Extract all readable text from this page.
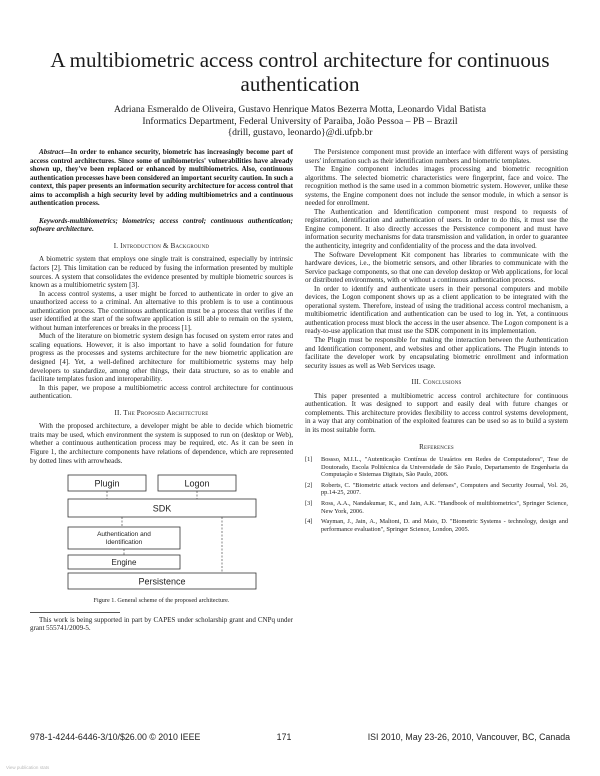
A multibiometric access control architecture for continuous authentication
Adriana Esmeraldo de Oliveira, Gustavo Henrique Matos Bezerra Motta, Leonardo Vidal Batista
Informatics Department, Federal University of Paraiba, João Pessoa – PB – Brazil
{drill, gustavo, leonardo}@di.ufpb.br

Abstract—In order to enhance security, biometric has increasingly become part of access control architectures. Since some of unibiometrics' vulnerabilities have already shown up, they've been replaced or enhanced by multibiometrics. Also, continuous authentication processes have been considered an important security caution. In such a context, this paper presents an information security architecture for access control that aims to accomplish a high security level by adding multibiometrics and a continuous authentication process.

Keywords-multibiometrics; biometrics; access control; continuous authentication; software architecture.

I. Introduction & Background

A biometric system that employs one single trait is constrained, especially by intrinsic factors [2]. This limitation can be reduced by fusing the information presented by multiple sources. A system that consolidates the evidence presented by multiple biometric sources is known as a multibiometric system [3].

In access control systems, a user might be forced to authenticate in order to give an unauthorized access to a criminal. An alternative to this problem is to use a continuous authentication process. The continuous authentication must be a process that verifies if the user identified at the start of the software application is still able to remain on the system, without human interferences or breaks in the process [1].

Much of the literature on biometric system design has focused on system error rates and scaling equations. However, it is also important to have a solid foundation for future progress as the processes and systems architecture for the new biometric application are designed [4]. Yet, a well-defined architecture for multibiometric systems may help developers to standardize, among other things, their data structure, so as to enable and facilitate templates fusion and interoperability.

In this paper, we propose a multibiometric access control architecture for continuous authentication.

II. The Proposed Architecture

With the proposed architecture, a developer might be able to decide which biometric traits may be used, which environment the system is supposed to run on (desktop or Web), whether a continuous authentication process may be required, etc. As it can be seen in Figure 1, the architecture components have relations of dependence, which are represented by dotted lines with arrowheads.

Plugin	Logon
SDK
Authentication and
Identification
Engine
Persistence
Figure 1. General scheme of the proposed architecture.

This work is being supported in part by CAPES under scholarship grant and CNPq under grant 555741/2009-5.

The Persistence component must provide an interface with different ways of persisting users' information such as their identification numbers and biometric templates.

The Engine component includes images processing and biometric recognition algorithms. The selected biometric characteristics were fingerprint, face and voice. The recognition method is the same used in a common biometric system. However, unlike these systems, the Engine component does not include the sensor module, in which a sensor is needed for enrollment.

The Authentication and Identification component must respond to requests of registration, identification and authentication of users. In order to do this, it must use the Engine component. It also directly accesses the Persistence component and must have information security mechanisms for data transmission and validation, in order to guarantee the authenticity, integrity and confidentiality of the process and the data involved.

The Software Development Kit component has libraries to communicate with the hardware devices, i.e., the biometric sensors, and other libraries to communicate with the Service package components, so that one can develop desktop or Web applications, for local or distributed environments, with or without a continuous authentication process.

In order to identify and authenticate users in their personal computers and mobile devices, the Logon component shows up as a client application to be integrated with the operational system. Therefore, instead of using the traditional access control mechanism, a multibiometric identification and authentication can be used to log in. Yet, a continuous authentication process must block the access in the user absence. The Logon component is a ready-to-use application that must use the SDK component in its implementation.

The Plugin must be responsible for making the interaction between the Authentication and Identification component, and websites and other applications. The Plugin intends to facilitate the developer work by encapsulating biometric enrollment and information security issues as well as Web Services usage.

III. Conclusions

This paper presented a multibiometric access control architecture for continuous authentication. It was designed to support and easily deal with future changes or complements. This architecture provides flexibility to access control systems development, in a way that any combination of the exploited features can be used so as to build a system in its most suitable form.

References
[1]	Bossso, M.I.L., "Autenticação Contínua de Usuários em Redes de Computadores", Tese de Doutorado, Escola Politécnica da Universidade de São Paulo, Departamento de Engenharia da Computação e Sistemas Digitais, São Paulo, 2006.
[2]	Roberts, C. "Biometric attack vectors and defenses", Computers and Security Journal, Vol. 26, pp.14-25, 2007.
[3]	Ross, A.A., Nandakumar, K., and Jain, A.K. "Handbook of multibiometrics", Springer Science, New York, 2006.
[4]	Wayman, J., Jain, A., Maltoni, D. and Maio, D. "Biometric Systems - technology, design and performance evaluation", Springer Science, London, 2005.
978-1-4244-6446-3/10/$26.00 © 2010 IEEE	171	ISI 2010, May 23-26, 2010, Vancouver, BC, Canada
View publication stats
